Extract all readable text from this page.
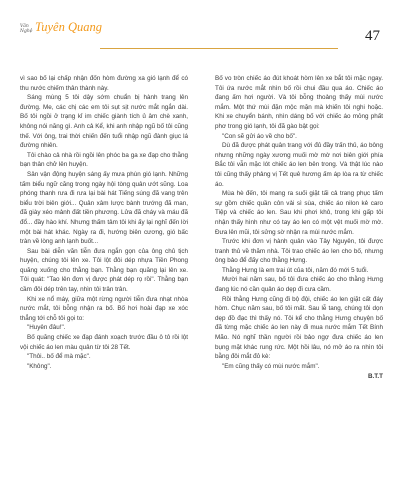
Văn
Nghệ Tuyên Quang
47

vì sao bố lại chấp nhận đốn hòm đường xa gió lạnh để có thu nước chiếm thân thành này.

Sáng mùng 5 tôi dậy sớm chuẩn bị hành trang lên đường. Me, các chị các em tôi sụt sịt nước mắt ngắn dài. Bố tôi ngồi ở trạng kỉ im chiếc giành tích ủ âm chè xanh, không nói năng gì. Anh cả Kể, khi anh nhập ngũ bố tôi cũng thế. Với ông, trai thời chiến đến tuổi nhập ngũ đành giục lá đường nhiên.

Tôi chào cả nhà rồi ngồi lên phóc ba ga xe đạp cho thằng bạn thân chở lên huyện.

Sân vận động huyện sáng ấy mưa phùn gió lạnh. Những tấm biểu ngữ căng trong ngày hội tòng quân ướt sũng. Loa phóng thanh rưa đi rưa lại bài hát Tiếng súng đã vang trên biểu trời biên giới... Quân xâm lược bành trướng đã man, đã giày xéo mảnh đất tiền phương. Lửa đã cháy và máu đã đổ... đầy hào khí. Nhưng thấm tâm tôi khi ấy lại nghĩ đến lời một bài hát khác. Ngày ra đi, hướng biên cương, gió bấc tràn về lòng anh lạnh buốt...

Sau bài diễn văn tiễn đưa ngắn gọn của ông chủ tịch huyện, chúng tôi lên xe. Tôi lột đôi dép nhựa Tiền Phong quăng xuống cho thằng bạn. Thằng bạn quăng lại lên xe. Tôi quát: "Tao lên đơn vị được phát dép rọ rồi". Thằng bạn cầm đôi dép trên tay, nhìn tôi trân trân.

Khi xe nổ máy, giữa một rừng người tiễn đưa nhạt nhòa nước mắt, tôi bỗng nhận ra bố. Bố hơi hoài đạp xe xóc thẳng tới chỗ tôi gọi to:

"Huyên đâu!".

Bố quăng chiếc xe đạp đánh xoạch trước đầu ô tô rồi lột vội chiếc áo len màu quân từ tôi 28 Tết.

"Thôi.. bố để mà mặc".

"Không".

Bố vo tròn chiếc áo đút khoát hòm lên xe bắt tôi mặc ngay. Tôi ứa nước mắt nhìn bố rồi chui đầu qua áo. Chiếc áo đang ấm hơi người. Và tôi bỗng thoảng thấy mùi nước mắm. Một thứ mùi đặn mộc mặn mà khiến tôi nghi hoặc. Khi xe chuyển bánh, nhìn dáng bố với chiếc áo mỏng phất phơ trong gió lạnh, tôi đã gào bật gọi:

"Con sẽ gửi áo về cho bố".

Dù đã được phát quân trang với đủ đầy trấn thủ, áo bông nhưng những ngày xương muối mờ mờ nơi biên giới phía Bắc tôi vẫn mặc lót chiếc áo len bên trong. Và thật lúc nào tôi cũng thấy phảng vị Tết quê hương ấm áp lòa ra từ chiếc áo.

Mùa hè đến, tôi mang ra suối giặt tấi cả trang phục tấm sự gồm chiếc quần côn vải sì sùa, chiếc áo nilon kẻ caro Tiệp và chiếc áo len. Sau khi phơi khô, trong khi gấp tôi nhận thấy hình như có tay áo len có một vệt muối mờ mờ. Đưa lên mũi, tôi sửng sờ nhận ra mùi nước mắm.

Trước khi đơn vị hành quân vào Tây Nguyên, tôi được tranh thủ về thăm nhà. Tôi trao chiếc áo len cho bố, nhưng ông bảo để đấy cho thằng Hưng.

Thằng Hưng là em trai út của tôi, năm đó mới 5 tuổi.

Mười hai năm sau, bố tôi đưa chiếc áo cho thằng Hưng đang lúc nó cần quân áo dẹp đi cưa cầm.

Rồi thằng Hưng cũng đi bộ đội, chiếc áo len giặt cất đáy hòm. Chục năm sau, bố tôi mất. Sau lễ tang, chúng tôi dọn dẹp đồ đạc thì thấy nó. Tôi kể cho thằng Hưng chuyện bố đã từng mặc chiếc áo len này đi mua nước mắm Tết Bính Mão. Nó nghĩ thần người rồi bảo ngợ đưa chiếc áo len bụng mặt khác rung rức. Một hồi lâu, nó mở áo ra nhìn tôi bằng đôi mắt đỏ kè:

"Em cũng thấy có mùi nước mắm".

B.T.T
